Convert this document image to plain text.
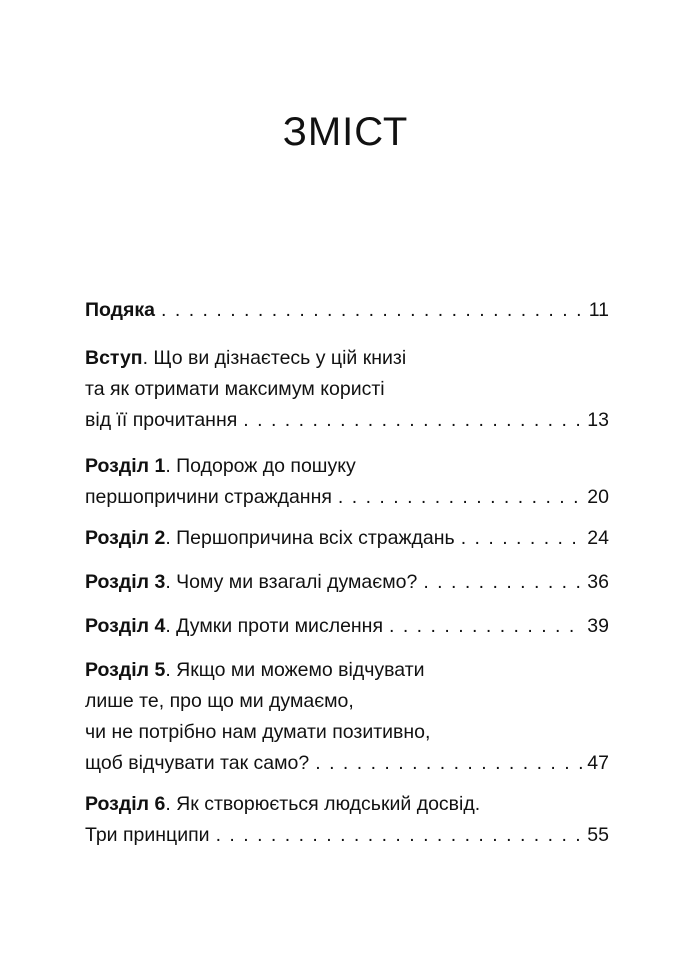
ЗМІСТ
Подяка . . .	11
Вступ. Що ви дізнаєтесь у цій книзі
та як отримати максимум користі
від її прочитання . . .	13
Розділ 1. Подорож до пошуку
першопричини страждання . . .	20
Розділ 2. Першопричина всіх страждань . . .	24
Розділ 3. Чому ми взагалі думаємо? . . .	36
Розділ 4. Думки проти мислення . . .	39
Розділ 5. Якщо ми можемо відчувати
лише те, про що ми думаємо,
чи не потрібно нам думати позитивно,
щоб відчувати так само? . . .	47
Розділ 6. Як створюється людський досвід.
Три принципи . . .	55
